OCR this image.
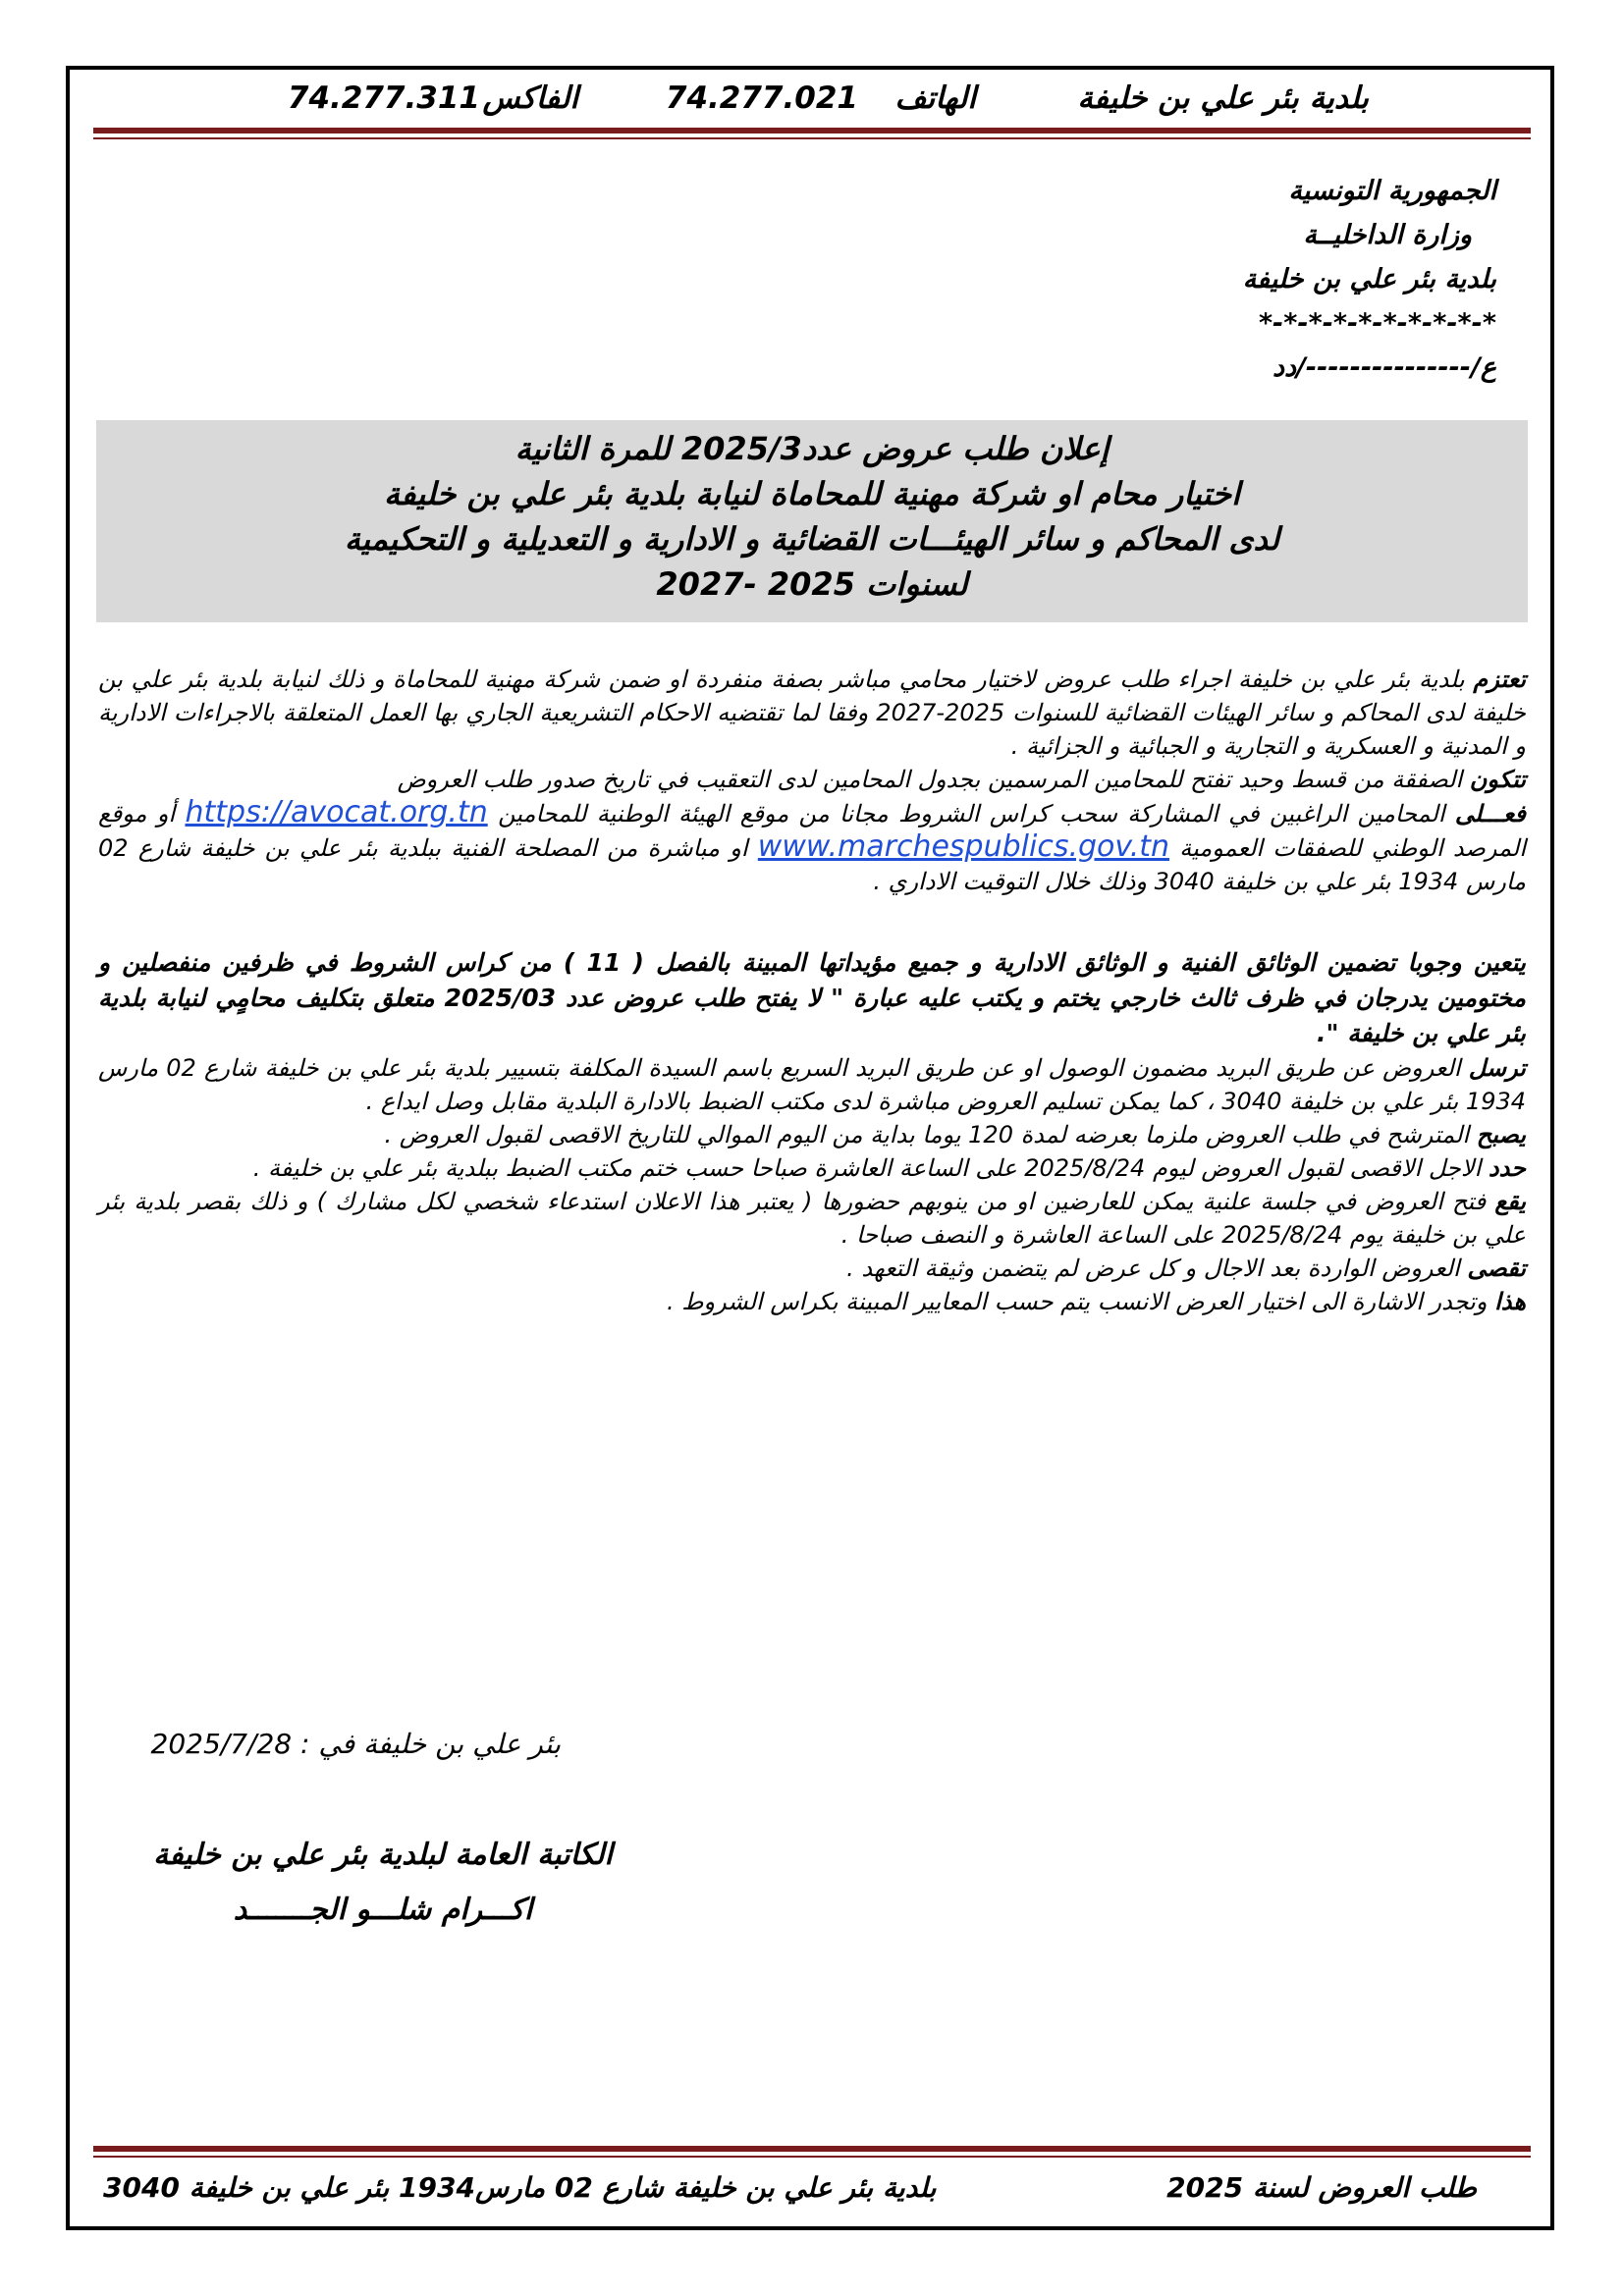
بلدية بئر علي بن خليفة
الهاتف
74.277.021
الفاكس
74.277.311
الجمهورية التونسية
وزارة الداخليــة
بلدية بئر علي بن خليفة
*-*-*-*-*-*-*-*-*-*
ع/---------------/دد
إعلان طلب عروض عدد2025/3 للمرة الثانية
اختيار محام او شركة مهنية للمحاماة لنيابة بلدية بئر علي بن خليفة
لدى المحاكم و سائر الهيئـــات القضائية و الادارية و التعديلية و التحكيمية
لسنوات 2025 -2027

تعتزم بلدية بئر علي بن خليفة اجراء طلب عروض لاختيار محامي مباشر بصفة منفردة او ضمن شركة مهنية للمحاماة و ذلك لنيابة بلدية بئر علي بن خليفة لدى المحاكم و سائر الهيئات القضائية للسنوات 2025-2027 وفقا لما تقتضيه الاحكام التشريعية الجاري بها العمل المتعلقة بالاجراءات الادارية و المدنية و العسكرية و التجارية و الجبائية و الجزائية .

تتكون الصفقة من قسط وحيد تفتح للمحامين المرسمين بجدول المحامين لدى التعقيب في تاريخ صدور طلب العروض

فعـــلى المحامين الراغبين في المشاركة سحب كراس الشروط مجانا من موقع الهيئة الوطنية للمحامين https://avocat.org.tn أو موقع المرصد الوطني للصفقات العمومية www.marchespublics.gov.tn او مباشرة من المصلحة الفنية ببلدية بئر علي بن خليفة شارع 02 مارس 1934 بئر علي بن خليفة 3040 وذلك خلال التوقيت الاداري .

يتعين وجوبا تضمين الوثائق الفنية و الوثائق الادارية و جميع مؤيداتها المبينة بالفصل ( 11 ) من كراس الشروط في ظرفين منفصلين و مختومين يدرجان في ظرف ثالث خارجي يختم و يكتب عليه عبارة " لا يفتح طلب عروض عدد 2025/03 متعلق بتكليف محامٍي لنيابة بلدية بئر علي بن خليفة ".

ترسل العروض عن طريق البريد مضمون الوصول او عن طريق البريد السريع باسم السيدة المكلفة بتسيير بلدية بئر علي بن خليفة شارع 02 مارس 1934 بئر علي بن خليفة 3040 ، كما يمكن تسليم العروض مباشرة لدى مكتب الضبط بالادارة البلدية مقابل وصل ايداع .

يصبح المترشح في طلب العروض ملزما بعرضه لمدة 120 يوما بداية من اليوم الموالي للتاريخ الاقصى لقبول العروض .

حدد الاجل الاقصى لقبول العروض ليوم 2025/8/24 على الساعة العاشرة صباحا حسب ختم مكتب الضبط ببلدية بئر علي بن خليفة .

يقع فتح العروض في جلسة علنية يمكن للعارضين او من ينوبهم حضورها ( يعتبر هذا الاعلان استدعاء شخصي لكل مشارك ) و ذلك بقصر بلدية بئر علي بن خليفة يوم 2025/8/24 على الساعة العاشرة و النصف صباحا .

تقصى العروض الواردة بعد الاجال و كل عرض لم يتضمن وثيقة التعهد .

هذا وتجدر الاشارة الى اختيار العرض الانسب يتم حسب المعايير المبينة بكراس الشروط .

بئر علي بن خليفة في : 2025/7/28
الكاتبة العامة لبلدية بئر علي بن خليفة
اكـــرام شلـــو الجـــــــد
طلب العروض لسنة 2025
بلدية بئر علي بن خليفة شارع 02 مارس1934 بئر علي بن خليفة 3040
